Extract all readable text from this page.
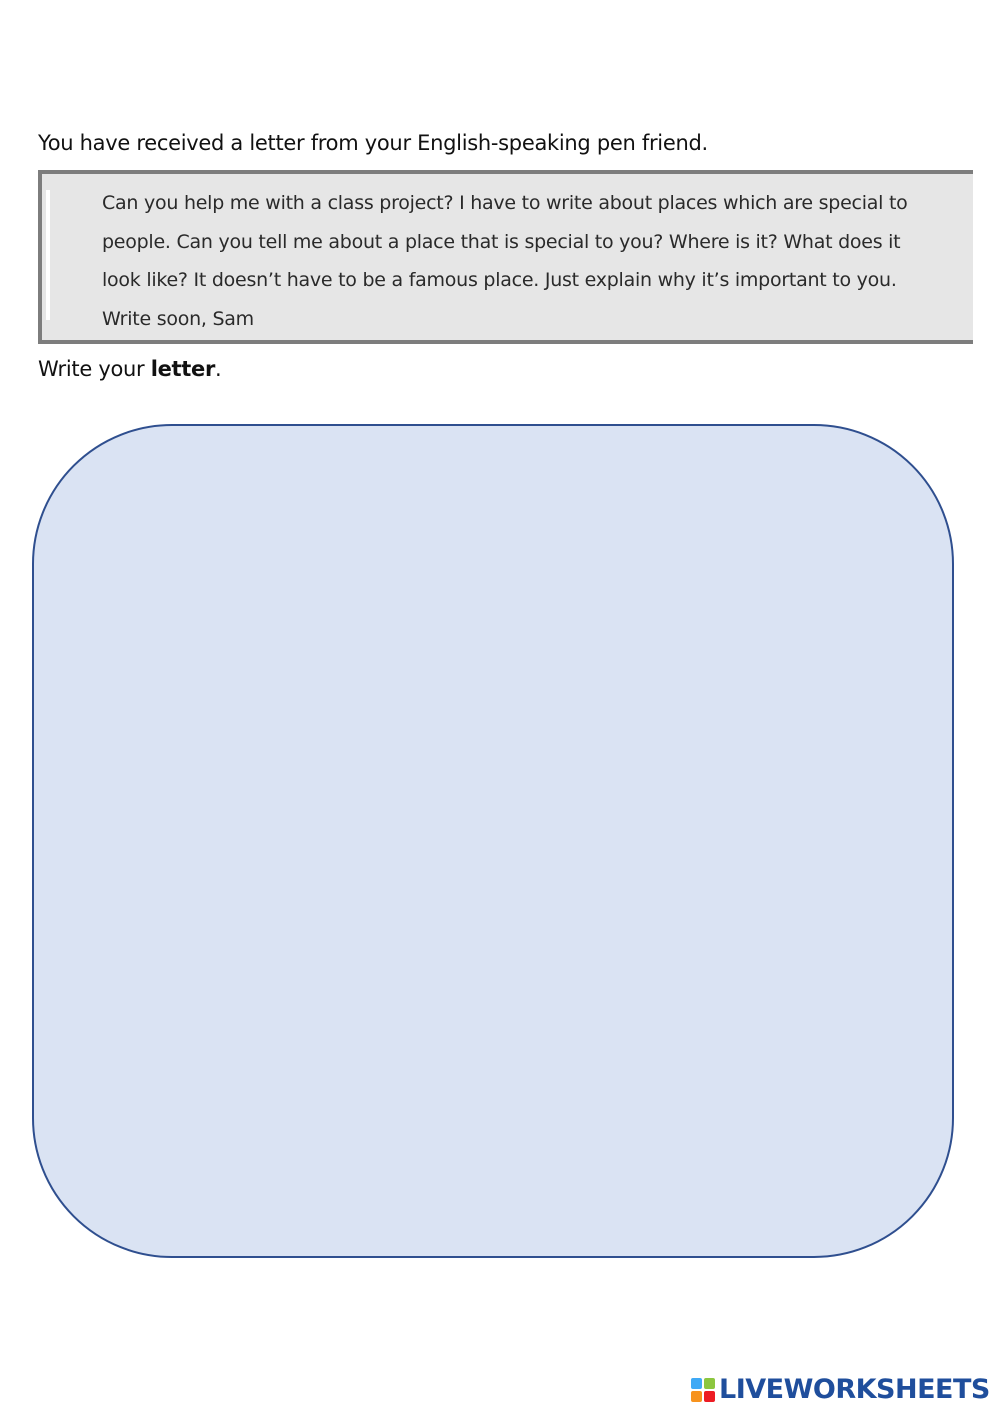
You have received a letter from your English-speaking pen friend.

Can you help me with a class project? I have to write about places which are special to

people. Can you tell me about a place that is special to you? Where is it? What does it

look like? It doesn’t have to be a famous place. Just explain why it’s important to you.

Write soon, Sam

Write your letter.
LIVEWORKSHEETS
